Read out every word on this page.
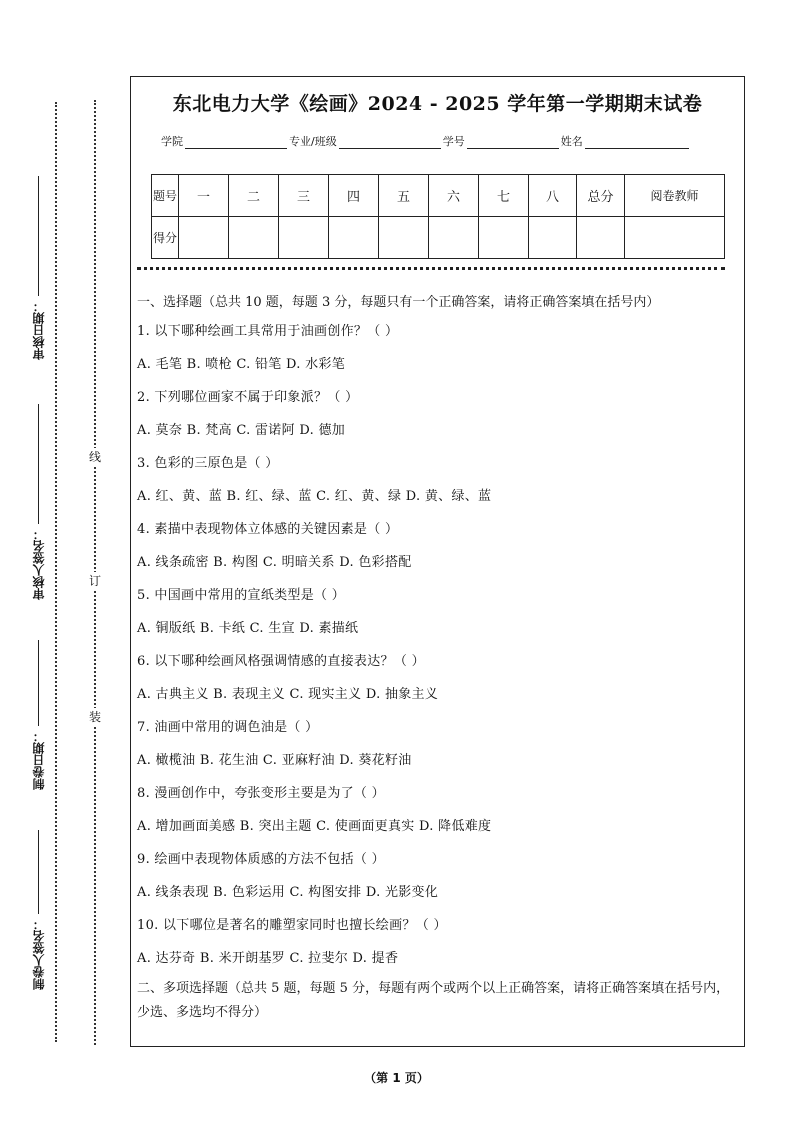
审核日期：
审核人签名：
制卷日期：
制卷人签名：
线
订
装
东北电力大学《绘画》2024 - 2025 学年第一学期期末试卷
学院	专业/班级	学号	姓名
题号	一	二	三	四	五	六	七	八	总分	阅卷教师
得分										
一、选择题（总共 10 题，每题 3 分，每题只有一个正确答案，请将正确答案填在括号内）
1. 以下哪种绘画工具常用于油画创作？（ ）
A. 毛笔 B. 喷枪 C. 铅笔 D. 水彩笔
2. 下列哪位画家不属于印象派？（ ）
A. 莫奈 B. 梵高 C. 雷诺阿 D. 德加
3. 色彩的三原色是（ ）
A. 红、黄、蓝 B. 红、绿、蓝 C. 红、黄、绿 D. 黄、绿、蓝
4. 素描中表现物体立体感的关键因素是（ ）
A. 线条疏密 B. 构图 C. 明暗关系 D. 色彩搭配
5. 中国画中常用的宣纸类型是（ ）
A. 铜版纸 B. 卡纸 C. 生宣 D. 素描纸
6. 以下哪种绘画风格强调情感的直接表达？（ ）
A. 古典主义 B. 表现主义 C. 现实主义 D. 抽象主义
7. 油画中常用的调色油是（ ）
A. 橄榄油 B. 花生油 C. 亚麻籽油 D. 葵花籽油
8. 漫画创作中，夸张变形主要是为了（ ）
A. 增加画面美感 B. 突出主题 C. 使画面更真实 D. 降低难度
9. 绘画中表现物体质感的方法不包括（ ）
A. 线条表现 B. 色彩运用 C. 构图安排 D. 光影变化
10. 以下哪位是著名的雕塑家同时也擅长绘画？（ ）
A. 达芬奇 B. 米开朗基罗 C. 拉斐尔 D. 提香
二、多项选择题（总共 5 题，每题 5 分，每题有两个或两个以上正确答案，请将正确答案填在括号内，少选、多选均不得分）
（第 1 页）
